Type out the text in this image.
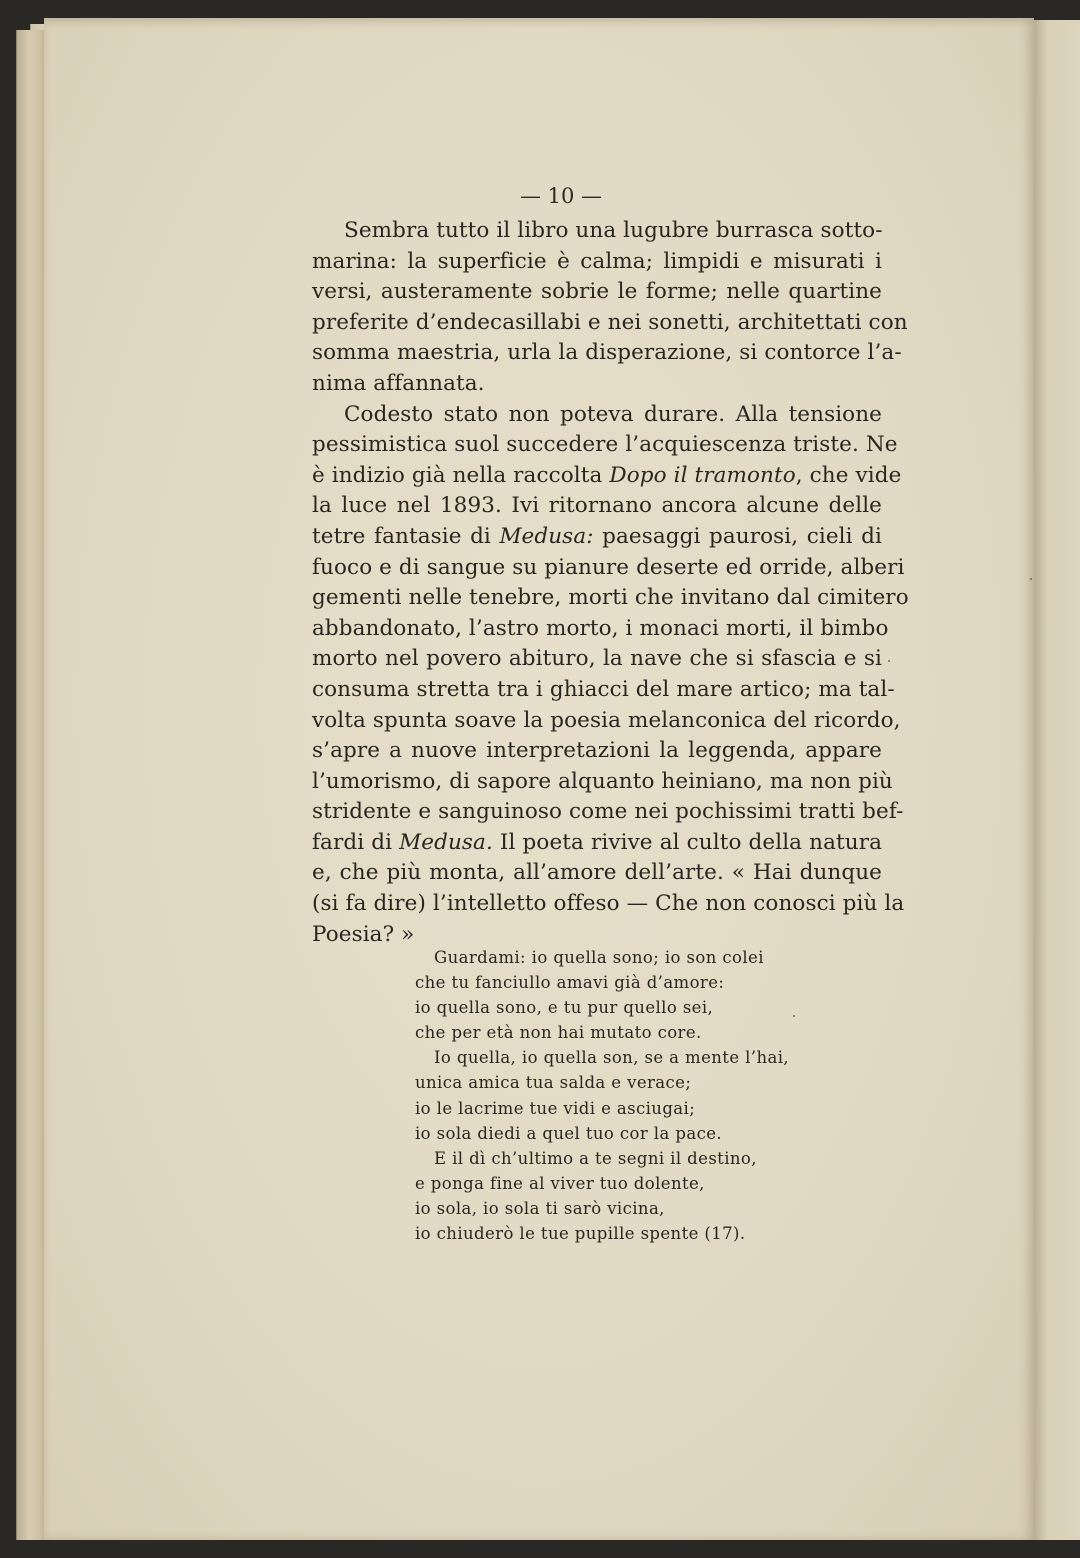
— 10 —
Sembra tutto il libro una lugubre burrasca sotto-
marina: la superficie è calma; limpidi e misurati i
versi, austeramente sobrie le forme; nelle quartine
preferite d’endecasillabi e nei sonetti, architettati con
somma maestria, urla la disperazione, si contorce l’a-
nima affannata.
Codesto stato non poteva durare. Alla tensione
pessimistica suol succedere l’acquiescenza triste. Ne
è indizio già nella raccolta Dopo il tramonto, che vide
la luce nel 1893. Ivi ritornano ancora alcune delle
tetre fantasie di Medusa: paesaggi paurosi, cieli di
fuoco e di sangue su pianure deserte ed orride, alberi
gementi nelle tenebre, morti che invitano dal cimitero
abbandonato, l’astro morto, i monaci morti, il bimbo
morto nel povero abituro, la nave che si sfascia e si
consuma stretta tra i ghiacci del mare artico; ma tal-
volta spunta soave la poesia melanconica del ricordo,
s’apre a nuove interpretazioni la leggenda, appare
l’umorismo, di sapore alquanto heiniano, ma non più
stridente e sanguinoso come nei pochissimi tratti bef-
fardi di Medusa. Il poeta rivive al culto della natura
e, che più monta, all’amore dell’arte. « Hai dunque
(si fa dire) l’intelletto offeso — Che non conosci più la
Poesia? »
Guardami: io quella sono; io son colei
che tu fanciullo amavi già d’amore:
io quella sono, e tu pur quello sei,
che per età non hai mutato core.
Io quella, io quella son, se a mente l’hai,
unica amica tua salda e verace;
io le lacrime tue vidi e asciugai;
io sola diedi a quel tuo cor la pace.
E il dì ch’ultimo a te segni il destino,
e ponga fine al viver tuo dolente,
io sola, io sola ti sarò vicina,
io chiuderò le tue pupille spente (17).
